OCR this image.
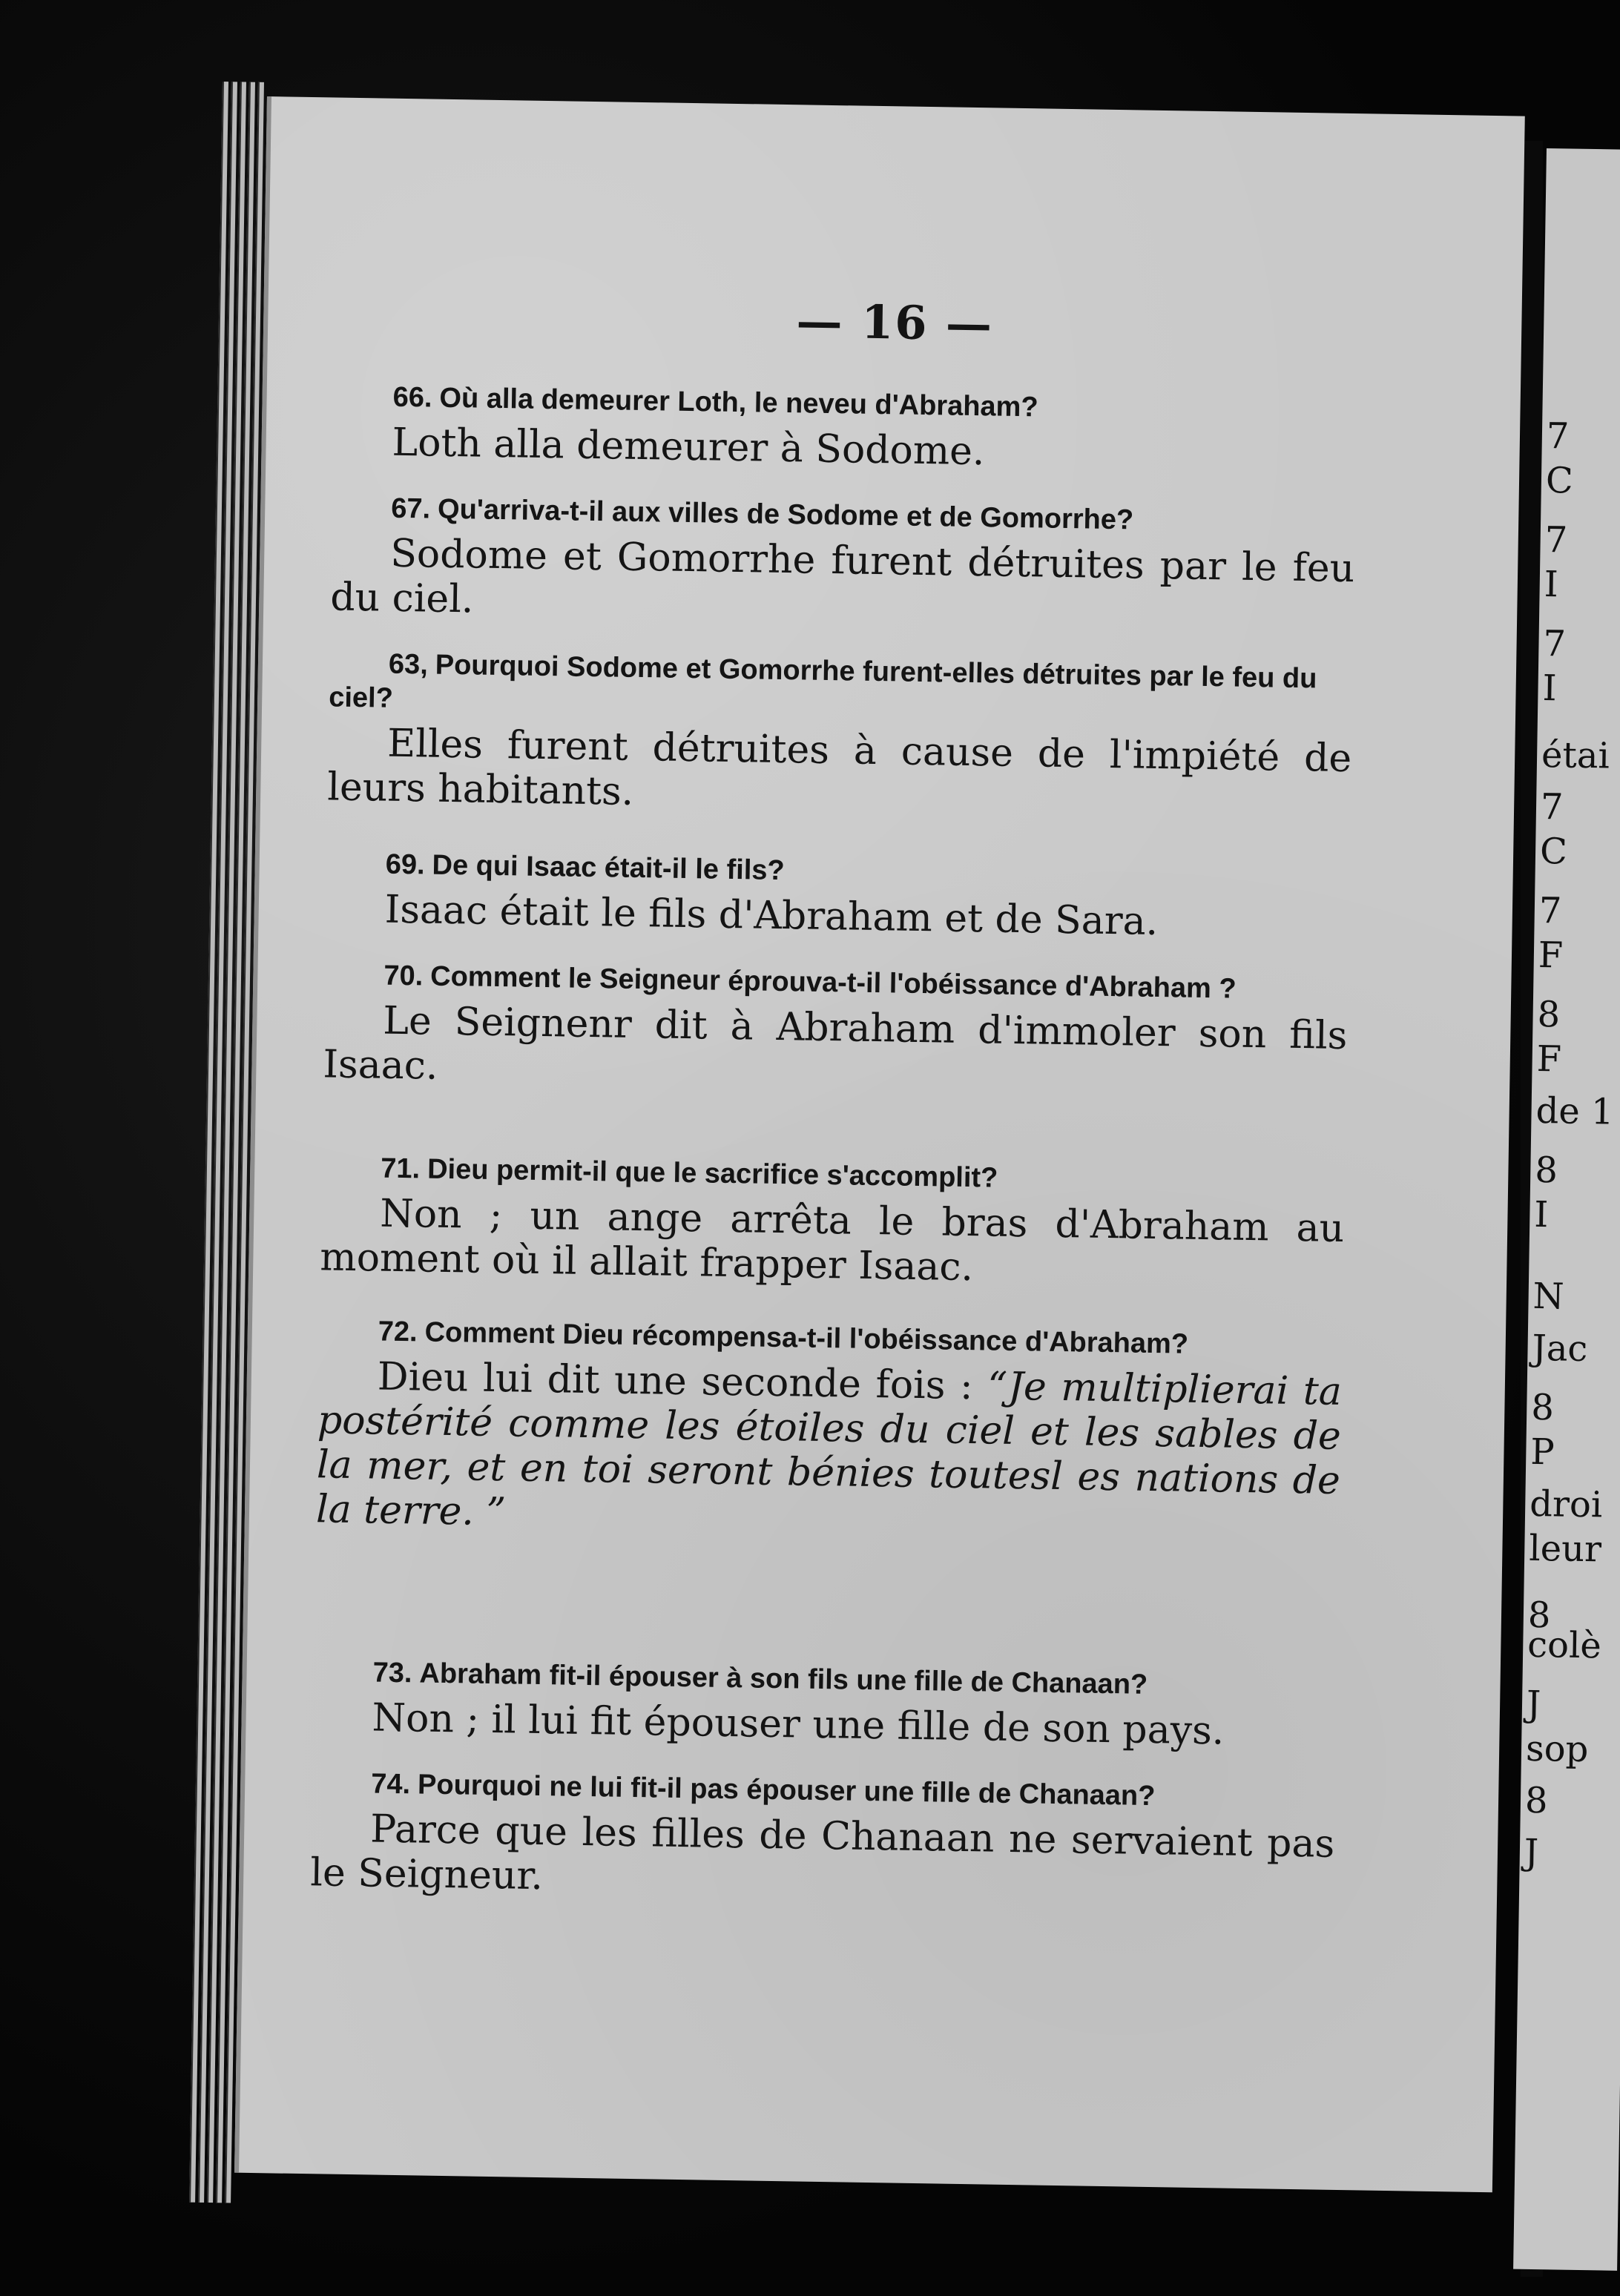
7
C
7
I
7
I
étai
7
C
7
F
8
F
de 1
8
I
N
Jac
8
P
droi
leur
8
colè
J
sop
8
J
— 16 —

66. Où alla demeurer Loth, le neveu d'Abraham?

Loth alla demeurer à Sodome.

67. Qu'arriva-t-il aux villes de Sodome et de Gomorrhe?

Sodome et Gomorrhe furent détruites par le feu du ciel.

63, Pourquoi Sodome et Gomorrhe furent-elles détruites par le feu du ciel?

Elles furent détruites à cause de l'impiété de leurs habitants.

69. De qui Isaac était-il le fils?

Isaac était le fils d'Abraham et de Sara.

70. Comment le Seigneur éprouva-t-il l'obéissance d'Abraham ?

Le Seignenr dit à Abraham d'immoler son fils Isaac.

71. Dieu permit-il que le sacrifice s'accomplit?

Non ; un ange arrêta le bras d'Abraham au moment où il allait frapper Isaac.

72. Comment Dieu récompensa-t-il l'obéissance d'Abraham?

Dieu lui dit une seconde fois : “Je multiplierai ta postérité comme les étoiles du ciel et les sables de la mer, et en toi seront bénies toutesl es nations de la terre. ”

73. Abraham fit-il épouser à son fils une fille de Chanaan?

Non ; il lui fit épouser une fille de son pays.

74. Pourquoi ne lui fit-il pas épouser une fille de Chanaan?

Parce que les filles de Chanaan ne servaient pas le Seigneur.
